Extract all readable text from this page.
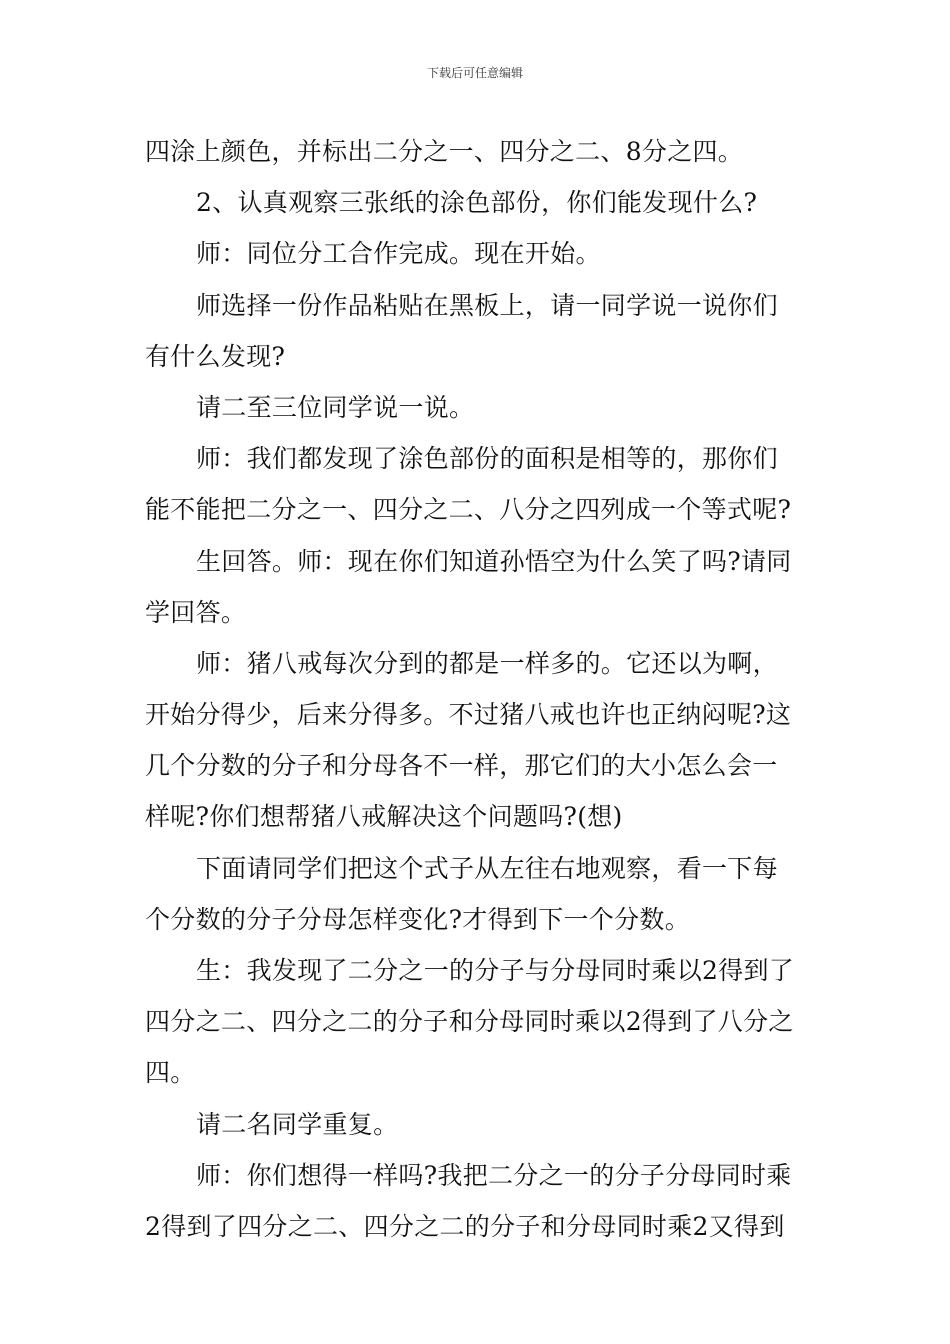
下载后可任意编辑
四涂上颜色，并标出二分之一、四分之二、8分之四。
2、认真观察三张纸的涂色部份，你们能发现什么?
师：同位分工合作完成。现在开始。
师选择一份作品粘贴在黑板上，请一同学说一说你们
有什么发现?
请二至三位同学说一说。
师：我们都发现了涂色部份的面积是相等的，那你们
能不能把二分之一、四分之二、八分之四列成一个等式呢?
生回答。师：现在你们知道孙悟空为什么笑了吗?请同
学回答。
师：猪八戒每次分到的都是一样多的。它还以为啊，
开始分得少，后来分得多。不过猪八戒也许也正纳闷呢?这
几个分数的分子和分母各不一样，那它们的大小怎么会一
样呢?你们想帮猪八戒解决这个问题吗?(想)
下面请同学们把这个式子从左往右地观察，看一下每
个分数的分子分母怎样变化?才得到下一个分数。
生：我发现了二分之一的分子与分母同时乘以2得到了
四分之二、四分之二的分子和分母同时乘以2得到了八分之
四。
请二名同学重复。
师：你们想得一样吗?我把二分之一的分子分母同时乘
2得到了四分之二、四分之二的分子和分母同时乘2又得到
